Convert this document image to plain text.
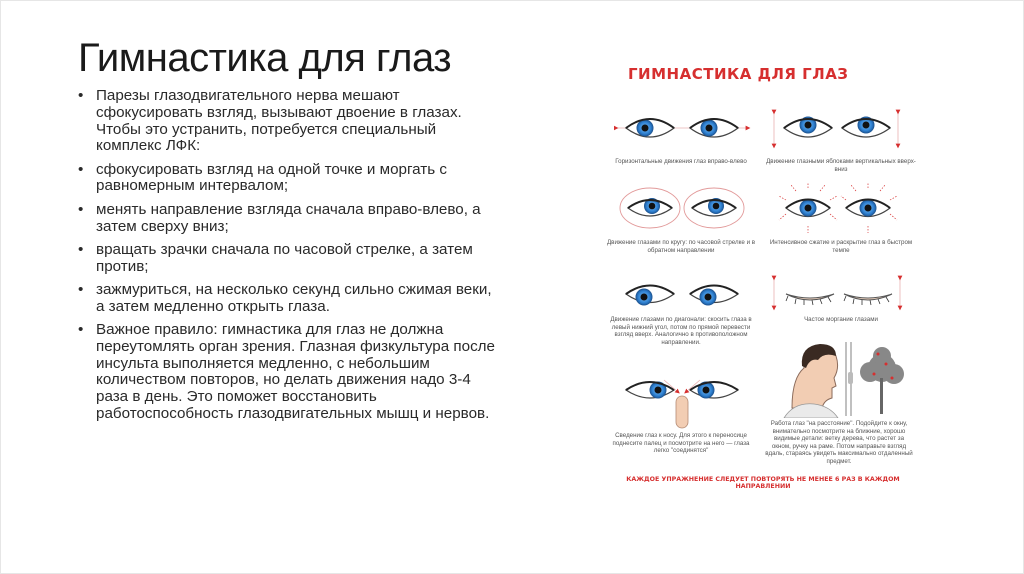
Гимнастика для глаз
• Парезы глазодвигательного нерва мешают сфокусировать взгляд, вызывают двоение в глазах. Чтобы это устранить, потребуется специальный комплекс ЛФК:
• сфокусировать взгляд на одной точке и моргать с равномерным интервалом;
• менять направление взгляда сначала вправо-влево, а затем сверху вниз;
• вращать зрачки сначала по часовой стрелке, а затем против;
• зажмуриться, на несколько секунд сильно сжимая веки, а затем медленно открыть глаза.
• Важное правило: гимнастика для глаз не должна переутомлять орган зрения. Глазная физкультура после инсульта выполняется медленно, с небольшим количеством повторов, но делать движения надо 3-4 раза в день. Это поможет восстановить работоспособность глазодвигательных мышц и нервов.
ГИМНАСТИКА ДЛЯ ГЛАЗ
Горизонтальные движения глаз вправо-влево	Движение глазными яблоками вертикальных вверх-вниз
Движение глазами по кругу: по часовой стрелке и в обратном направлении
Интенсивное сжатие и раскрытие глаз в быстром темпе
Движение глазами по диагонали: скосить глаза в левый нижний угол, потом по прямой перевести взгляд вверх. Аналогично в противоположном направлении.
Частое моргание глазами
Сведение глаз к носу. Для этого к переносице поднесите палец и посмотрите на него — глаза легко "соединятся"
Работа глаз "на расстояние". Подойдите к окну, внимательно посмотрите на ближние, хорошо видимые детали: ветку дерева, что растет за окном, ручку на раме. Потом направьте взгляд вдаль, стараясь увидеть максимально отдаленный предмет.
КАЖДОЕ УПРАЖНЕНИЕ СЛЕДУЕТ ПОВТОРЯТЬ НЕ МЕНЕЕ 6 РАЗ В КАЖДОМ НАПРАВЛЕНИИ
